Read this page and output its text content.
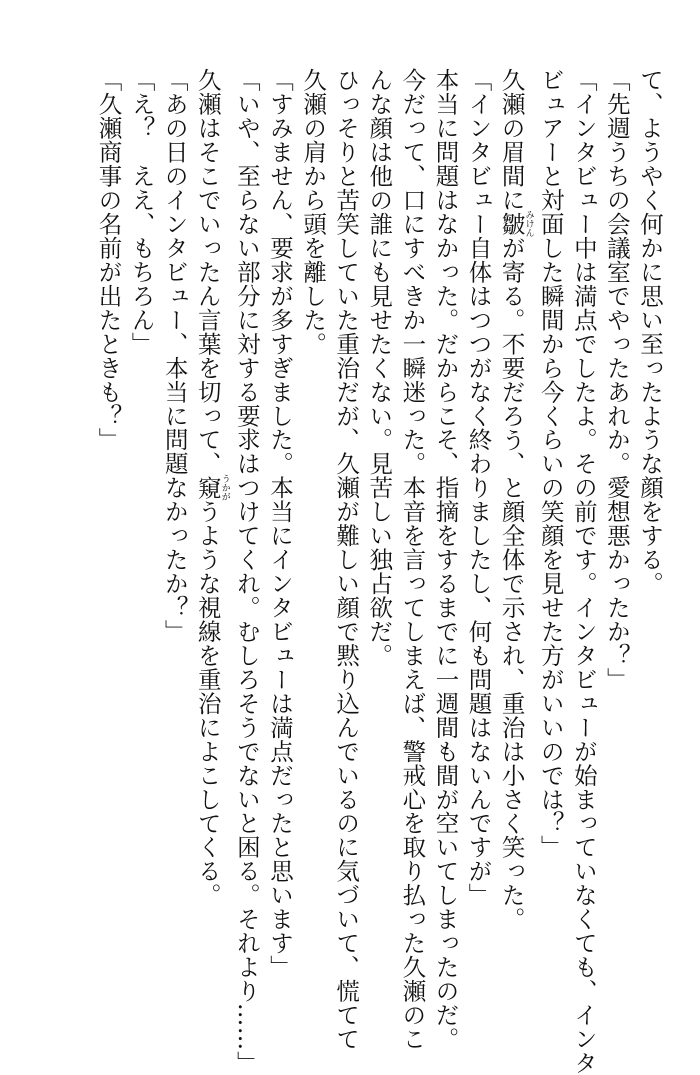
て、ようやく何かに思い至ったような顔をする。
「先週うちの会議室でやったあれか。愛想悪かったか？」
「インタビュー中は満点でしたよ。その前です。インタビューが始まっていなくても、インタ
ビュアーと対面した瞬間から今くらいの笑顔を見せた方がいいのでは？」
久瀬の眉間に皺みけんが寄る。不要だろう、と顔全体で示され、重治は小さく笑った。
「インタビュー自体はつつがなく終わりましたし、何も問題はないんですが」
本当に問題はなかった。だからこそ、指摘をするまでに一週間も間が空いてしまったのだ。
今だって、口にすべきか一瞬迷った。本音を言ってしまえば、警戒心を取り払った久瀬のこ
んな顔は他の誰にも見せたくない。見苦しい独占欲だ。
ひっそりと苦笑していた重治だが、久瀬が難しい顔で黙り込んでいるのに気づいて、慌てて
久瀬の肩から頭を離した。
「すみません、要求が多すぎました。本当にインタビューは満点だったと思います」
「いや、至らない部分に対する要求はつけてくれ。むしろそうでないと困る。それより……」
久瀬はそこでいったん言葉を切って、窺うかがうような視線を重治によこしてくる。
「あの日のインタビュー、本当に問題なかったか？」
「え？　ええ、もちろん」
「久瀬商事の名前が出たときも？」
